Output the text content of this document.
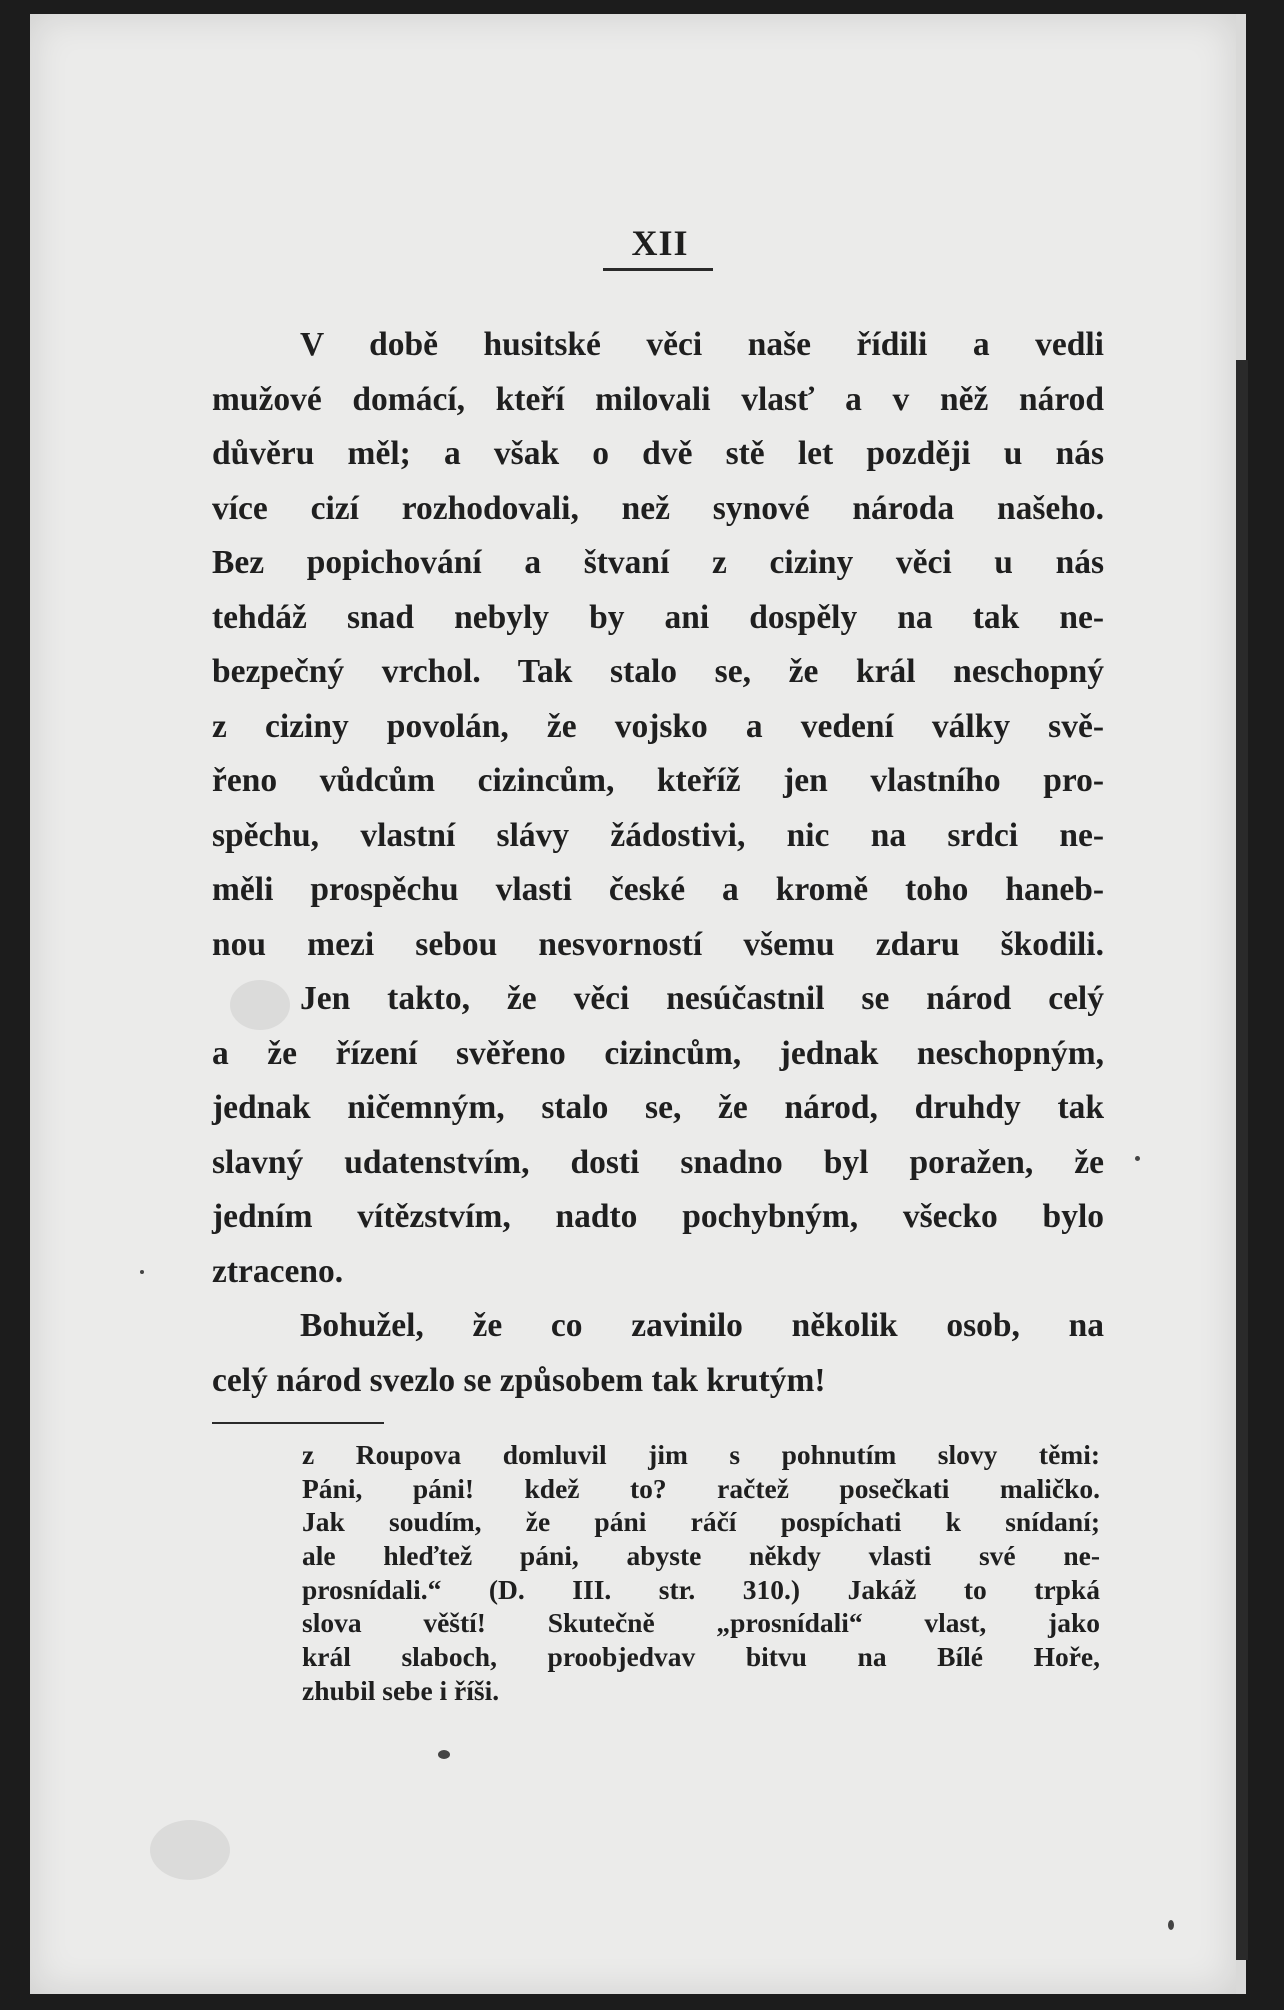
XII
V době husitské věci naše řídili a vedli
mužové domácí, kteří milovali vlasť a v něž národ
důvěru měl; a však o dvě stě let později u nás
více cizí rozhodovali, než synové národa našeho.
Bez popichování a štvaní z ciziny věci u nás
tehdáž snad nebyly by ani dospěly na tak ne-
bezpečný vrchol. Tak stalo se, že král neschopný
z ciziny povolán, že vojsko a vedení války svě-
řeno vůdcům cizincům, kteříž jen vlastního pro-
spěchu, vlastní slávy žádostivi, nic na srdci ne-
měli prospěchu vlasti české a kromě toho haneb-
nou mezi sebou nesvorností všemu zdaru škodili.
Jen takto, že věci nesúčastnil se národ celý
a že řízení svěřeno cizincům, jednak neschopným,
jednak ničemným, stalo se, že národ, druhdy tak
slavný udatenstvím, dosti snadno byl poražen, že
jedním vítězstvím, nadto pochybným, všecko bylo
ztraceno.
Bohužel, že co zavinilo několik osob, na
celý národ svezlo se způsobem tak krutým!
z Roupova domluvil jim s pohnutím slovy těmi:
Páni, páni! kdež to? račtež posečkati maličko.
Jak soudím, že páni ráčí pospíchati k snídaní;
ale hleďtež páni, abyste někdy vlasti své ne-
prosnídali.“ (D. III. str. 310.) Jakáž to trpká
slova věští! Skutečně „prosnídali“ vlast, jako
král slaboch, proobjedvav bitvu na Bílé Hoře,
zhubil sebe i říši.
